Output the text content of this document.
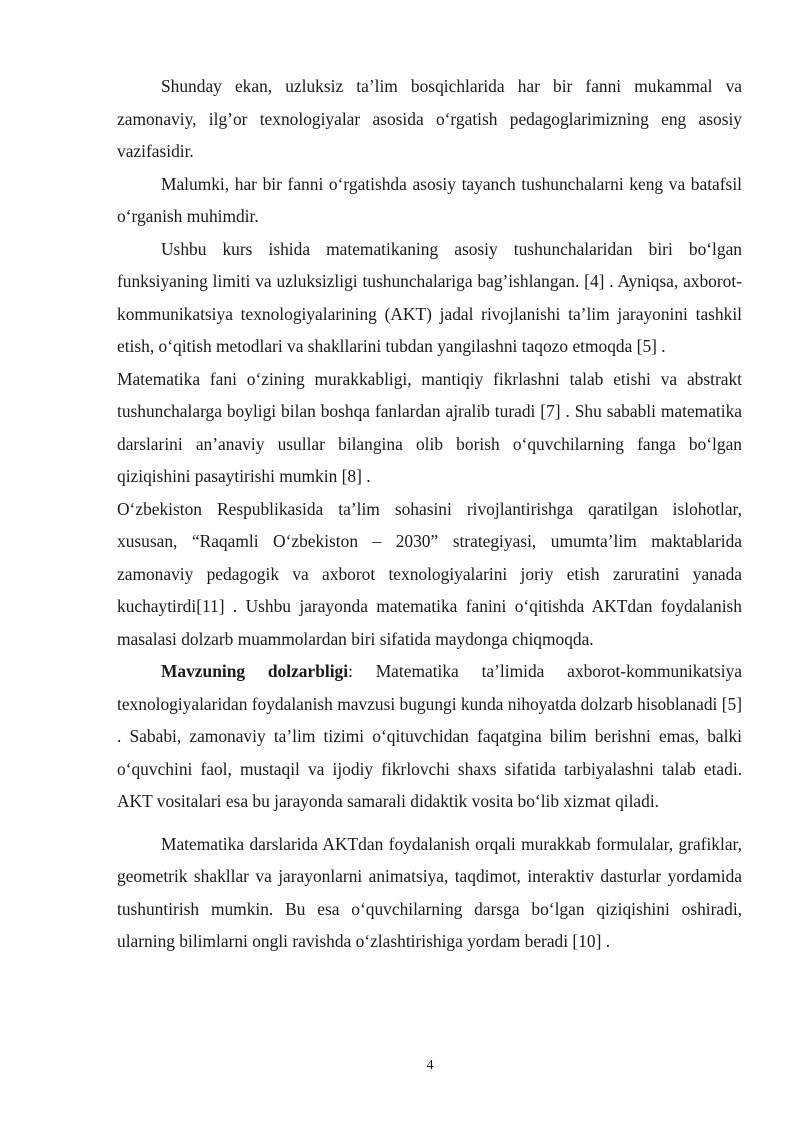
Shunday ekan, uzluksiz ta’lim bosqichlarida har bir fanni mukammal va zamonaviy, ilg’or texnologiyalar asosida o‘rgatish pedagoglarimizning eng asosiy vazifasidir.

Malumki, har bir fanni o‘rgatishda asosiy tayanch tushunchalarni keng va batafsil o‘rganish muhimdir.

Ushbu kurs ishida matematikaning asosiy tushunchalaridan biri bo‘lgan funksiyaning limiti va uzluksizligi tushunchalariga bag’ishlangan. [4] . Ayniqsa, axborot-kommunikatsiya texnologiyalarining (AKT) jadal rivojlanishi ta’lim jarayonini tashkil etish, o‘qitish metodlari va shakllarini tubdan yangilashni taqozo etmoqda [5] .

Matematika fani o‘zining murakkabligi, mantiqiy fikrlashni talab etishi va abstrakt tushunchalarga boyligi bilan boshqa fanlardan ajralib turadi [7] . Shu sababli matematika darslarini an’anaviy usullar bilangina olib borish o‘quvchilarning fanga bo‘lgan qiziqishini pasaytirishi mumkin [8] .

O‘zbekiston Respublikasida ta’lim sohasini rivojlantirishga qaratilgan islohotlar, xususan, “Raqamli O‘zbekiston – 2030” strategiyasi, umumta’lim maktablarida zamonaviy pedagogik va axborot texnologiyalarini joriy etish zaruratini yanada kuchaytirdi[11] . Ushbu jarayonda matematika fanini o‘qitishda AKTdan foydalanish masalasi dolzarb muammolardan biri sifatida maydonga chiqmoqda.

Mavzuning dolzarbligi: Matematika ta’limida axborot-kommunikatsiya texnologiyalaridan foydalanish mavzusi bugungi kunda nihoyatda dolzarb hisoblanadi [5] . Sababi, zamonaviy ta’lim tizimi o‘qituvchidan faqatgina bilim berishni emas, balki o‘quvchini faol, mustaqil va ijodiy fikrlovchi shaxs sifatida tarbiyalashni talab etadi. AKT vositalari esa bu jarayonda samarali didaktik vosita bo‘lib xizmat qiladi.

Matematika darslarida AKTdan foydalanish orqali murakkab formulalar, grafiklar, geometrik shakllar va jarayonlarni animatsiya, taqdimot, interaktiv dasturlar yordamida tushuntirish mumkin. Bu esa o‘quvchilarning darsga bo‘lgan qiziqishini oshiradi, ularning bilimlarni ongli ravishda o‘zlashtirishiga yordam beradi [10] .

4
